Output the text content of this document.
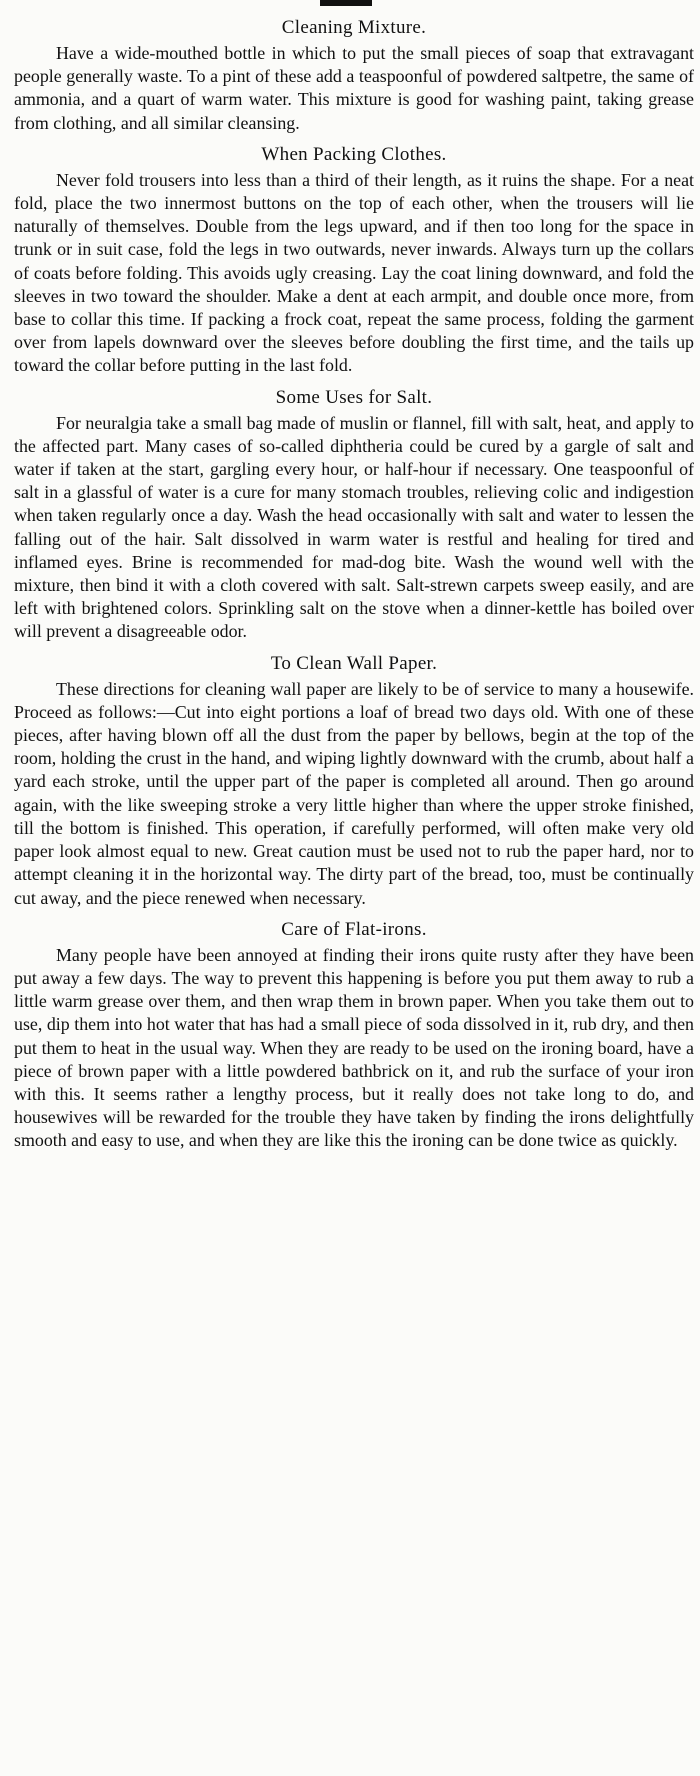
Cleaning Mixture.

Have a wide-mouthed bottle in which to put the small pieces of soap that extravagant people generally waste. To a pint of these add a teaspoonful of powdered saltpetre, the same of ammonia, and a quart of warm water. This mixture is good for washing paint, taking grease from clothing, and all similar cleansing.

When Packing Clothes.

Never fold trousers into less than a third of their length, as it ruins the shape. For a neat fold, place the two innermost buttons on the top of each other, when the trousers will lie naturally of themselves. Double from the legs upward, and if then too long for the space in trunk or in suit case, fold the legs in two outwards, never inwards. Always turn up the collars of coats before folding. This avoids ugly creasing. Lay the coat lining downward, and fold the sleeves in two toward the shoulder. Make a dent at each armpit, and double once more, from base to collar this time. If packing a frock coat, repeat the same process, folding the garment over from lapels downward over the sleeves before doubling the first time, and the tails up toward the collar before putting in the last fold.

Some Uses for Salt.

For neuralgia take a small bag made of muslin or flannel, fill with salt, heat, and apply to the affected part. Many cases of so-called diphtheria could be cured by a gargle of salt and water if taken at the start, gargling every hour, or half-hour if necessary. One teaspoonful of salt in a glassful of water is a cure for many stomach troubles, relieving colic and indigestion when taken regularly once a day. Wash the head occasionally with salt and water to lessen the falling out of the hair. Salt dissolved in warm water is restful and healing for tired and inflamed eyes. Brine is recommended for mad-dog bite. Wash the wound well with the mixture, then bind it with a cloth covered with salt. Salt-strewn carpets sweep easily, and are left with brightened colors. Sprinkling salt on the stove when a dinner-kettle has boiled over will prevent a disagreeable odor.

To Clean Wall Paper.

These directions for cleaning wall paper are likely to be of service to many a housewife. Proceed as follows:—Cut into eight portions a loaf of bread two days old. With one of these pieces, after having blown off all the dust from the paper by bellows, begin at the top of the room, holding the crust in the hand, and wiping lightly downward with the crumb, about half a yard each stroke, until the upper part of the paper is completed all around. Then go around again, with the like sweeping stroke a very little higher than where the upper stroke finished, till the bottom is finished. This operation, if carefully performed, will often make very old paper look almost equal to new. Great caution must be used not to rub the paper hard, nor to attempt cleaning it in the horizontal way. The dirty part of the bread, too, must be continually cut away, and the piece renewed when necessary.

Care of Flat-irons.

Many people have been annoyed at finding their irons quite rusty after they have been put away a few days. The way to prevent this happening is before you put them away to rub a little warm grease over them, and then wrap them in brown paper. When you take them out to use, dip them into hot water that has had a small piece of soda dissolved in it, rub dry, and then put them to heat in the usual way. When they are ready to be used on the ironing board, have a piece of brown paper with a little powdered bathbrick on it, and rub the surface of your iron with this. It seems rather a lengthy process, but it really does not take long to do, and housewives will be rewarded for the trouble they have taken by finding the irons delightfully smooth and easy to use, and when they are like this the ironing can be done twice as quickly.
